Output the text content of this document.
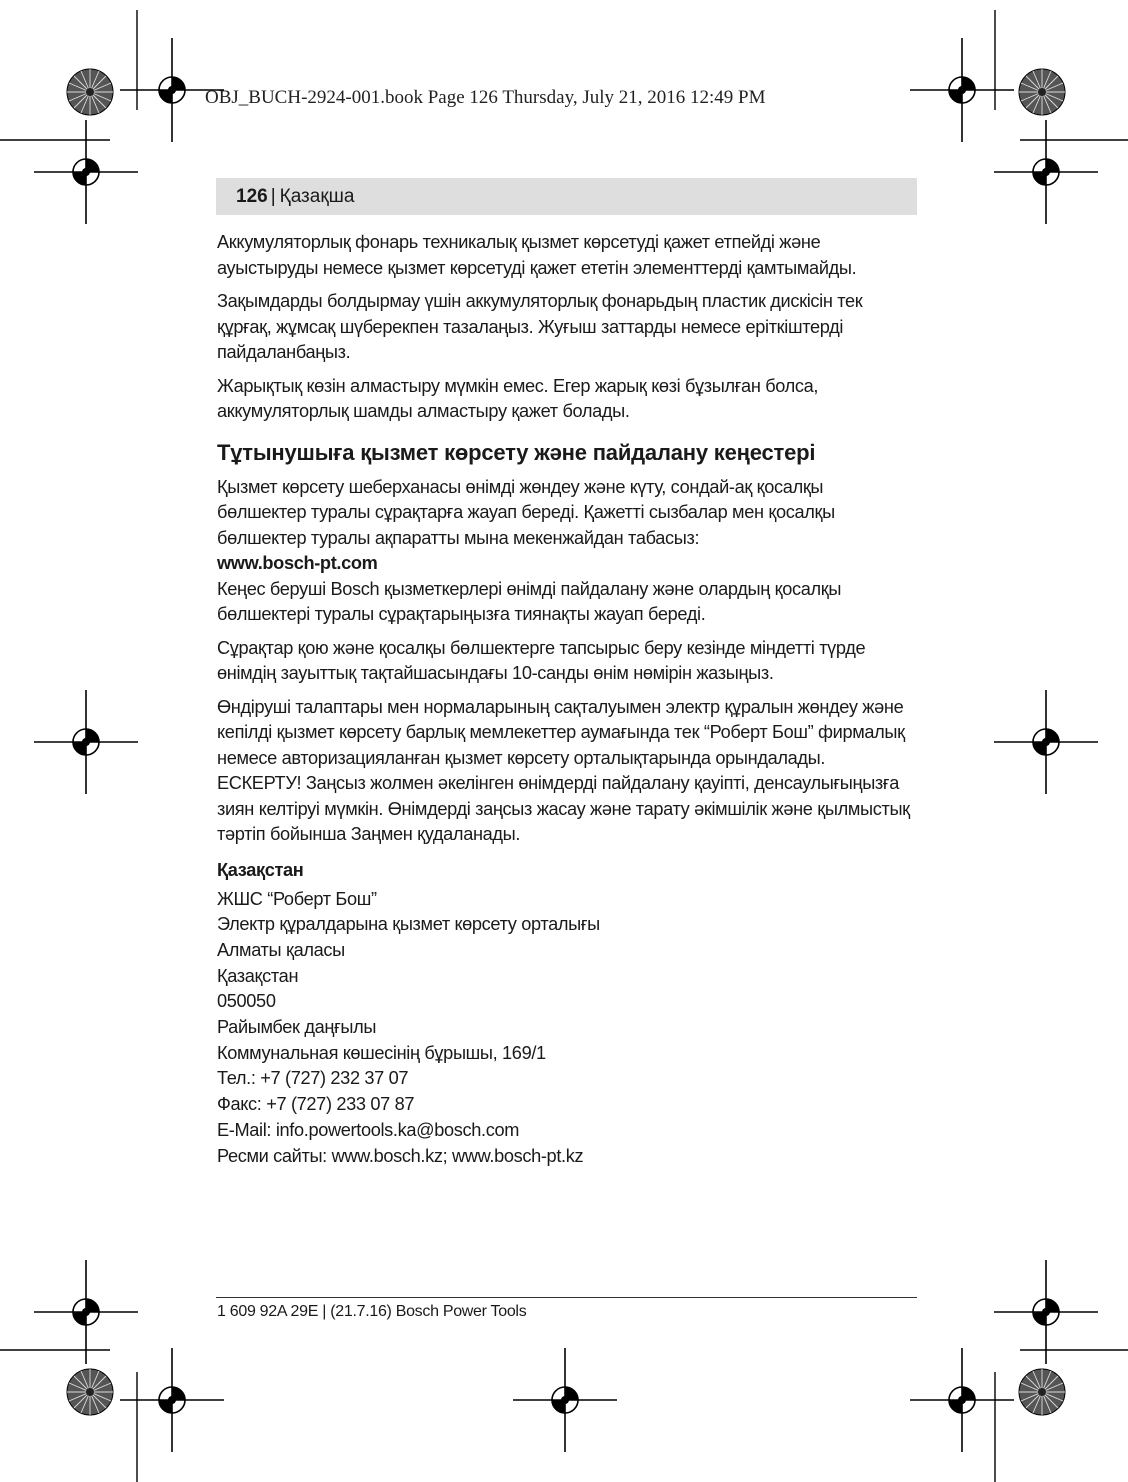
OBJ_BUCH-2924-001.book Page 126 Thursday, July 21, 2016 12:49 PM
126 | Қазақша

Аккумуляторлық фонарь техникалық қызмет көрсетуді қажет етпейді және ауыстыруды немесе қызмет көрсетуді қажет ететін элементтерді қамтымайды.

Зақымдарды болдырмау үшін аккумуляторлық фонарьдың пластик дискісін тек құрғақ, жұмсақ шүберекпен тазалаңыз. Жуғыш заттарды немесе еріткіштерді пайдаланбаңыз.

Жарықтық көзін алмастыру мүмкін емес. Егер жарық көзі бұзылған болса, аккумуляторлық шамды алмастыру қажет болады.

Тұтынушыға қызмет көрсету және пайдалану кеңестері

Қызмет көрсету шеберханасы өнімді жөндеу және күту, сондай-ақ қосалқы бөлшектер туралы сұрақтарға жауап береді. Қажетті сызбалар мен қосалқы бөлшектер туралы ақпаратты мына мекенжайдан табасыз:

www.bosch-pt.com

Кеңес беруші Bosch қызметкерлері өнімді пайдалану және олардың қосалқы бөлшектері туралы сұрақтарыңызға тиянақты жауап береді.

Сұрақтар қою және қосалқы бөлшектерге тапсырыс беру кезінде міндетті түрде өнімдің зауыттық тақтайшасындағы 10-санды өнім нөмірін жазыңыз.

Өндіруші талаптары мен нормаларының сақталуымен электр құралын жөндеу және кепілді қызмет көрсету барлық мемлекеттер аумағында тек “Роберт Бош” фирмалық немесе авторизацияланған қызмет көрсету орталықтарында орындалады.

ЕСКЕРТУ! Заңсыз жолмен әкелінген өнімдерді пайдалану қауіпті, денсаулығыңызға зиян келтіруі мүмкін. Өнімдерді заңсыз жасау және тарату әкімшілік және қылмыстық тәртіп бойынша Заңмен қудаланады.

Қазақстан
ЖШС “Роберт Бош”
Электр құралдарына қызмет көрсету орталығы
Алматы қаласы
Қазақстан
050050
Райымбек даңғылы
Коммунальная көшесінің бұрышы, 169/1
Тел.: +7 (727) 232 37 07
Факс: +7 (727) 233 07 87
E-Mail: info.powertools.ka@bosch.com
Ресми сайты: www.bosch.kz; www.bosch-pt.kz
1 609 92A 29E | (21.7.16) Bosch Power Tools
